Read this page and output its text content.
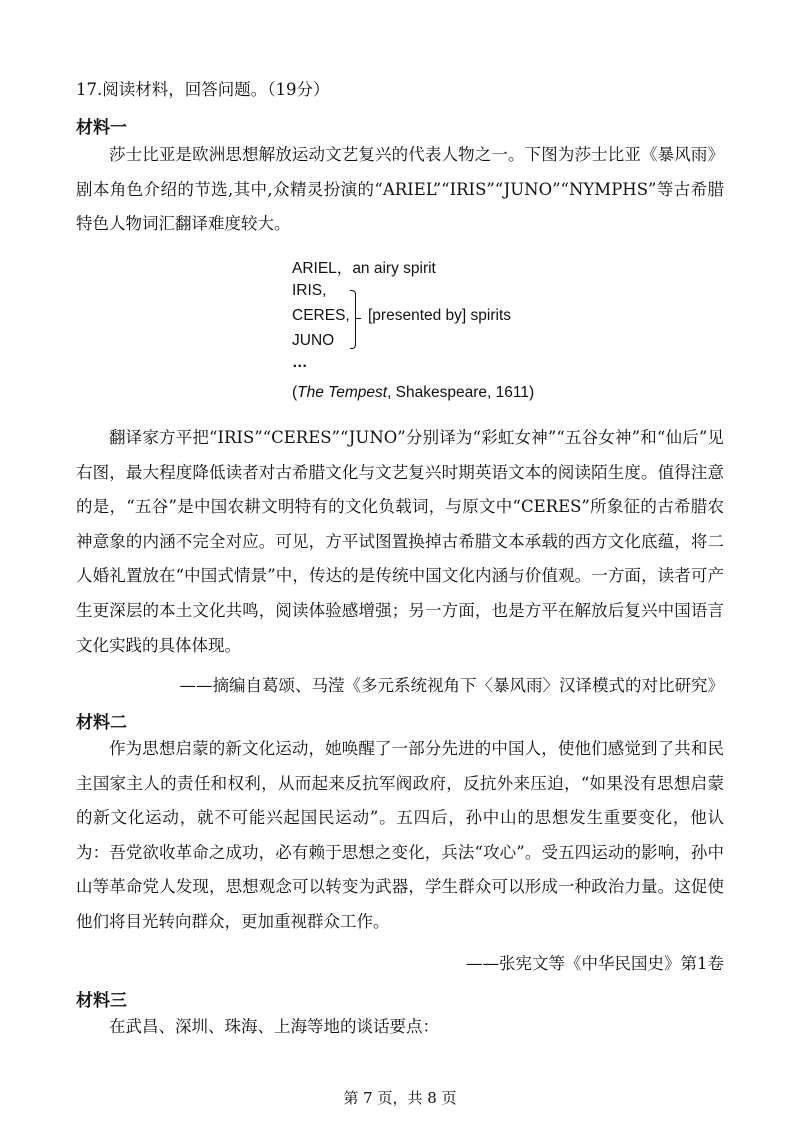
17.阅读材料，回答问题。（19分）
材料一

莎士比亚是欧洲思想解放运动文艺复兴的代表人物之一。下图为莎士比亚《暴风雨》剧本角色介绍的节选,其中,众精灵扮演的“ARIEL”“IRIS”“JUNO”“NYMPHS”等古希腊特色人物词汇翻译难度较大。

ARIEL，an airy spirit
IRIS,
CERES,
JUNO
[presented by] spirits
…
(The Tempest, Shakespeare, 1611)

翻译家方平把“IRIS”“CERES”“JUNO”分别译为“彩虹女神”“五谷女神”和“仙后”见右图，最大程度降低读者对古希腊文化与文艺复兴时期英语文本的阅读陌生度。值得注意的是，“五谷”是中国农耕文明特有的文化负载词，与原文中“CERES”所象征的古希腊农神意象的内涵不完全对应。可见，方平试图置换掉古希腊文本承载的西方文化底蕴，将二人婚礼置放在“中国式情景”中，传达的是传统中国文化内涵与价值观。一方面，读者可产生更深层的本土文化共鸣，阅读体验感增强；另一方面，也是方平在解放后复兴中国语言文化实践的具体体现。

——摘编自葛颂、马滢《多元系统视角下〈暴风雨〉汉译模式的对比研究》
材料二

作为思想启蒙的新文化运动，她唤醒了一部分先进的中国人，使他们感觉到了共和民主国家主人的责任和权利，从而起来反抗军阀政府，反抗外来压迫，“如果没有思想启蒙的新文化运动，就不可能兴起国民运动”。五四后，孙中山的思想发生重要变化，他认为：吾党欲收革命之成功，必有赖于思想之变化，兵法“攻心”。受五四运动的影响，孙中山等革命党人发现，思想观念可以转变为武器，学生群众可以形成一种政治力量。这促使他们将目光转向群众，更加重视群众工作。

——张宪文等《中华民国史》第1卷
材料三

在武昌、深圳、珠海、上海等地的谈话要点：

第 7 页，共 8 页
